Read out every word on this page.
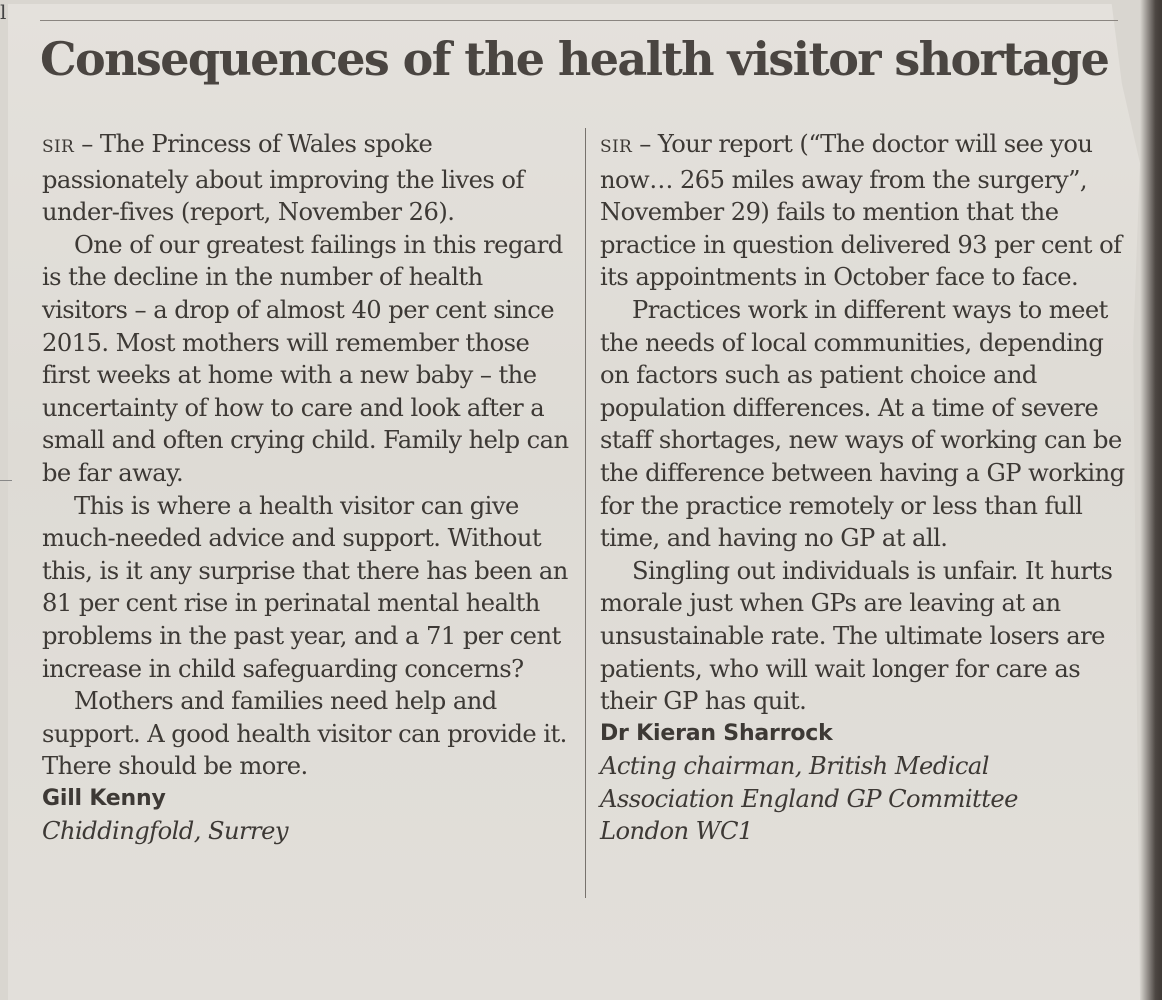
l
Consequences of the health visitor shortage

SIR – The Princess of Wales spoke passionately about improving the lives of under-fives (report, November 26).

One of our greatest failings in this regard is the decline in the number of health visitors – a drop of almost 40 per cent since 2015. Most mothers will remember those first weeks at home with a new baby – the uncertainty of how to care and look after a small and often crying child. Family help can be far away.

This is where a health visitor can give much-needed advice and support. Without this, is it any surprise that there has been an 81 per cent rise in perinatal mental health problems in the past year, and a 71 per cent increase in child safeguarding concerns?

Mothers and families need help and support. A good health visitor can provide it. There should be more.

Gill Kenny

Chiddingfold, Surrey

SIR – Your report (“The doctor will see you now… 265 miles away from the surgery”, November 29) fails to mention that the practice in question delivered 93 per cent of its appointments in October face to face.

Practices work in different ways to meet the needs of local communities, depending on factors such as patient choice and population differences. At a time of severe staff shortages, new ways of working can be the difference between having a GP working for the practice remotely or less than full time, and having no GP at all.

Singling out individuals is unfair. It hurts morale just when GPs are leaving at an unsustainable rate. The ultimate losers are patients, who will wait longer for care as their GP has quit.

Dr Kieran Sharrock

Acting chairman, British Medical Association England GP Committee

London WC1
